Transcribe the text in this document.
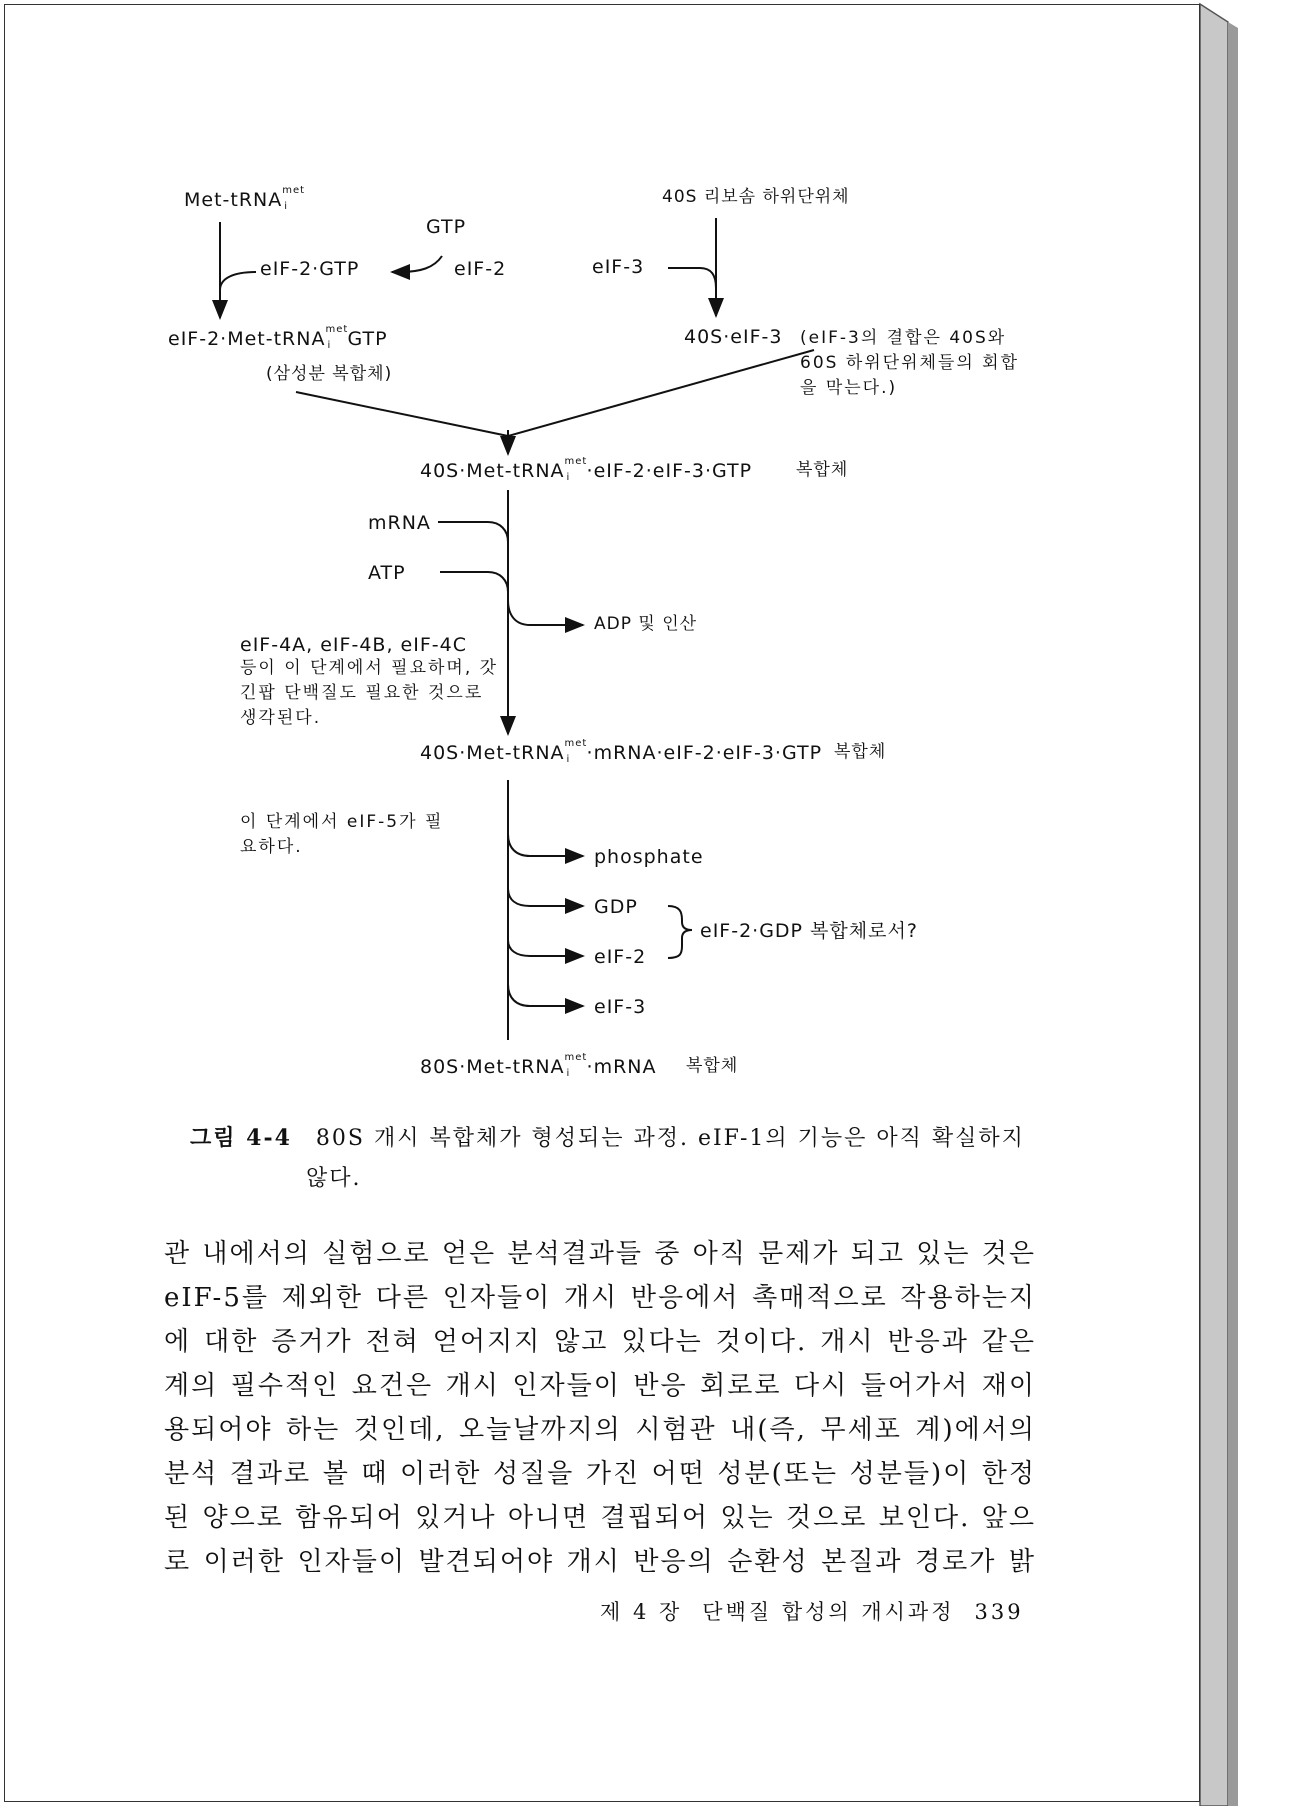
Met-tRNA met
i	40S 리보솜 하위단위체
GTP
eIF-2·GTP	eIF-2	eIF-3
eIF-2·Met-tRNA met
i GTP
(삼성분 복합체)
40S·eIF-3 (eIF-3의 결합은 40S와 60S 하위단위체들의 회합을 막는다.)
40S·Met-tRNA met
i ·eIF-2·eIF-3·GTP	복합체
mRNA
ATP
ADP 및 인산
eIF-4A, eIF-4B, eIF-4C
등이 이 단계에서 필요하며, 갓 긴팝 단백질도 필요한 것으로 생각된다.
40S·Met-tRNA met
i ·mRNA·eIF-2·eIF-3·GTP 복합체
이 단계에서 eIF-5가 필요하다.	phosphate
GDP
eIF-2
eIF-3
eIF-2·GDP 복합체로서?
80S·Met-tRNA met
i ·mRNA 복합체
그림 4-4 80S 개시 복합체가 형성되는 과정. eIF-1의 기능은 아직 확실하지
않다.

관 내에서의 실험으로 얻은 분석결과들 중 아직 문제가 되고 있는 것은

eIF-5를 제외한 다른 인자들이 개시 반응에서 촉매적으로 작용하는지

에 대한 증거가 전혀 얻어지지 않고 있다는 것이다. 개시 반응과 같은

계의 필수적인 요건은 개시 인자들이 반응 회로로 다시 들어가서 재이

용되어야 하는 것인데, 오늘날까지의 시험관 내(즉, 무세포 계)에서의

분석 결과로 볼 때 이러한 성질을 가진 어떤 성분(또는 성분들)이 한정

된 양으로 함유되어 있거나 아니면 결핍되어 있는 것으로 보인다. 앞으

로 이러한 인자들이 발견되어야 개시 반응의 순환성 본질과 경로가 밝

제 4 장 단백질 합성의 개시과정 339
